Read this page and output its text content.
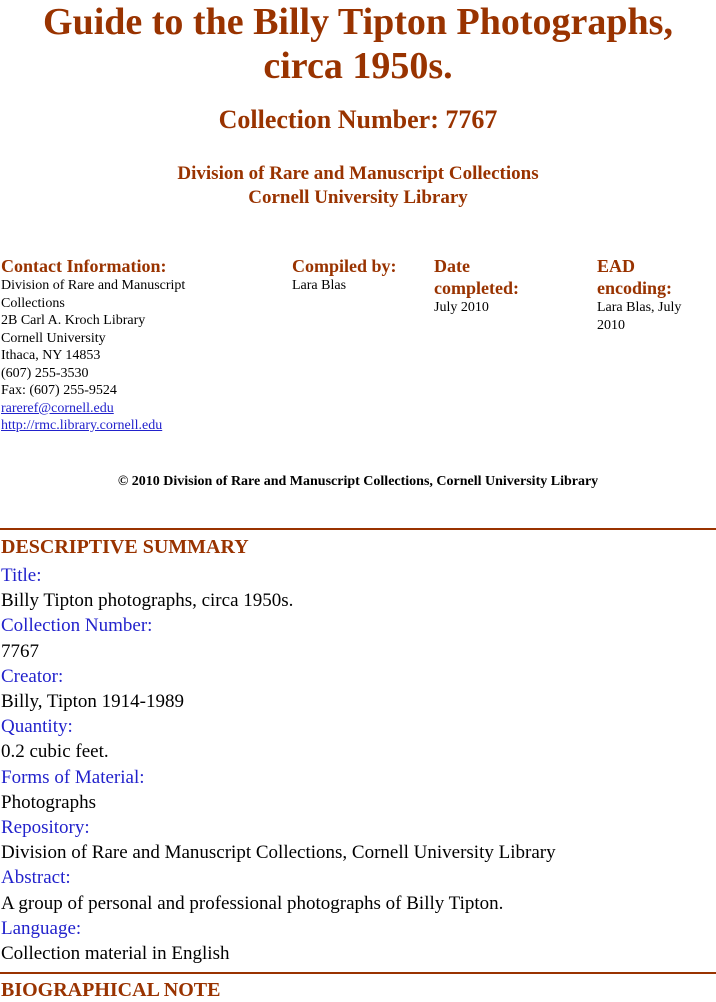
Guide to the Billy Tipton Photographs,
circa 1950s.
Collection Number: 7767
Division of Rare and Manuscript Collections
Cornell University Library
Contact Information:
Division of Rare and Manuscript Collections
2B Carl A. Kroch Library
Cornell University
Ithaca, NY 14853
(607) 255-3530
Fax: (607) 255-9524
rareref@cornell.edu
http://rmc.library.cornell.edu
Compiled by:
Lara Blas
Date completed:
July 2010
EAD encoding:
Lara Blas, July 2010
© 2010 Division of Rare and Manuscript Collections, Cornell University Library
DESCRIPTIVE SUMMARY
Title:
Billy Tipton photographs, circa 1950s.
Collection Number:
7767
Creator:
Billy, Tipton 1914-1989
Quantity:
0.2 cubic feet.
Forms of Material:
Photographs
Repository:
Division of Rare and Manuscript Collections, Cornell University Library
Abstract:
A group of personal and professional photographs of Billy Tipton.
Language:
Collection material in English
BIOGRAPHICAL NOTE
